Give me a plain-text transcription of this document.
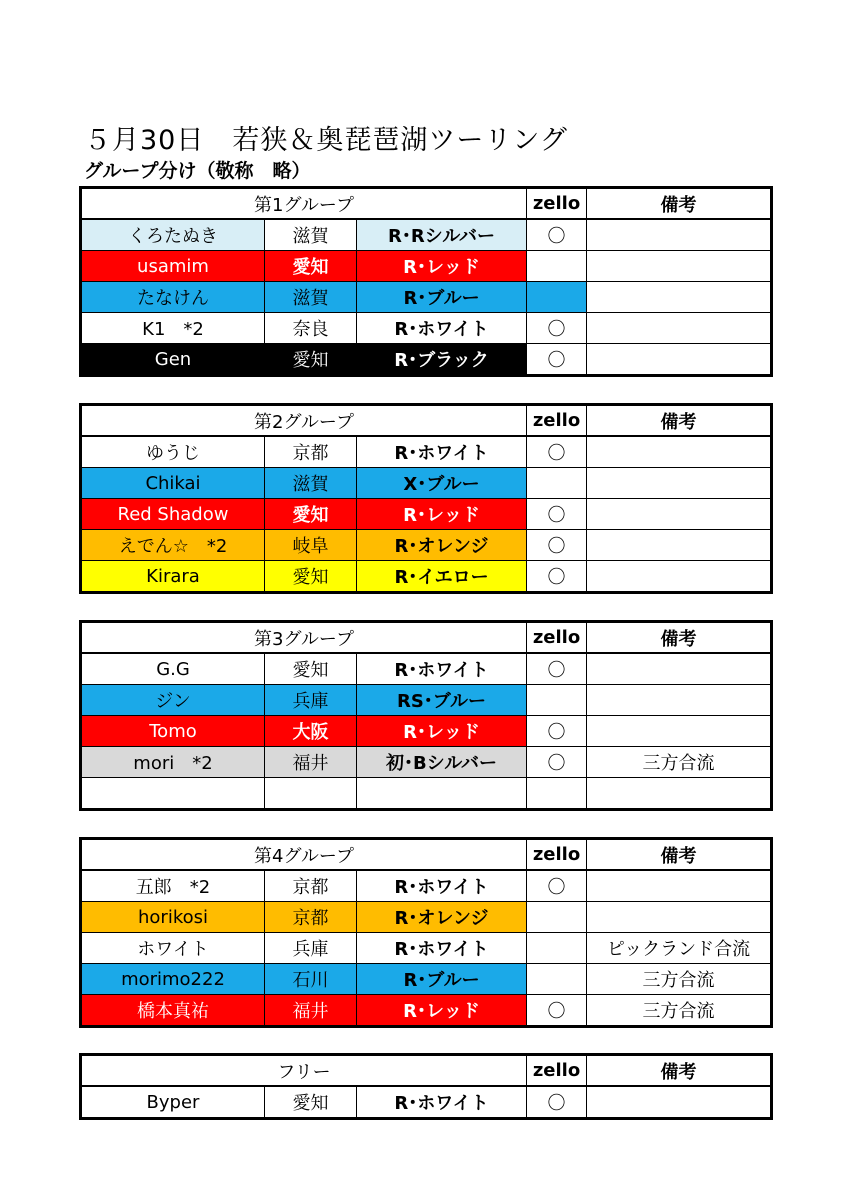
５月30日　若狭＆奥琵琶湖ツーリング
グループ分け（敬称　略）
第1グループ			zello	備考
くろたぬき	滋賀	R･Rシルバー	〇	
usamim	愛知	R･レッド		
たなけん	滋賀	R･ブルー		
K1　*2	奈良	R･ホワイト	〇	
Gen	愛知	R･ブラック	〇	
第2グループ			zello	備考
ゆうじ	京都	R･ホワイト	〇	
Chikai	滋賀	X･ブルー		
Red Shadow	愛知	R･レッド	〇	
えでん☆　*2	岐阜	R･オレンジ	〇	
Kirara	愛知	R･イエロー	〇	
第3グループ			zello	備考
G.G	愛知	R･ホワイト	〇	
ジン	兵庫	RS･ブルー		
Tomo	大阪	R･レッド	〇	
mori　*2	福井	初･Bシルバー	〇	三方合流

第4グループ			zello	備考
五郎　*2	京都	R･ホワイト	〇	
horikosi	京都	R･オレンジ		
ホワイト	兵庫	R･ホワイト		ピックランド合流
morimo222	石川	R･ブルー		三方合流
橋本真祐	福井	R･レッド	〇	三方合流
フリー			zello	備考
Byper	愛知	R･ホワイト	〇	
